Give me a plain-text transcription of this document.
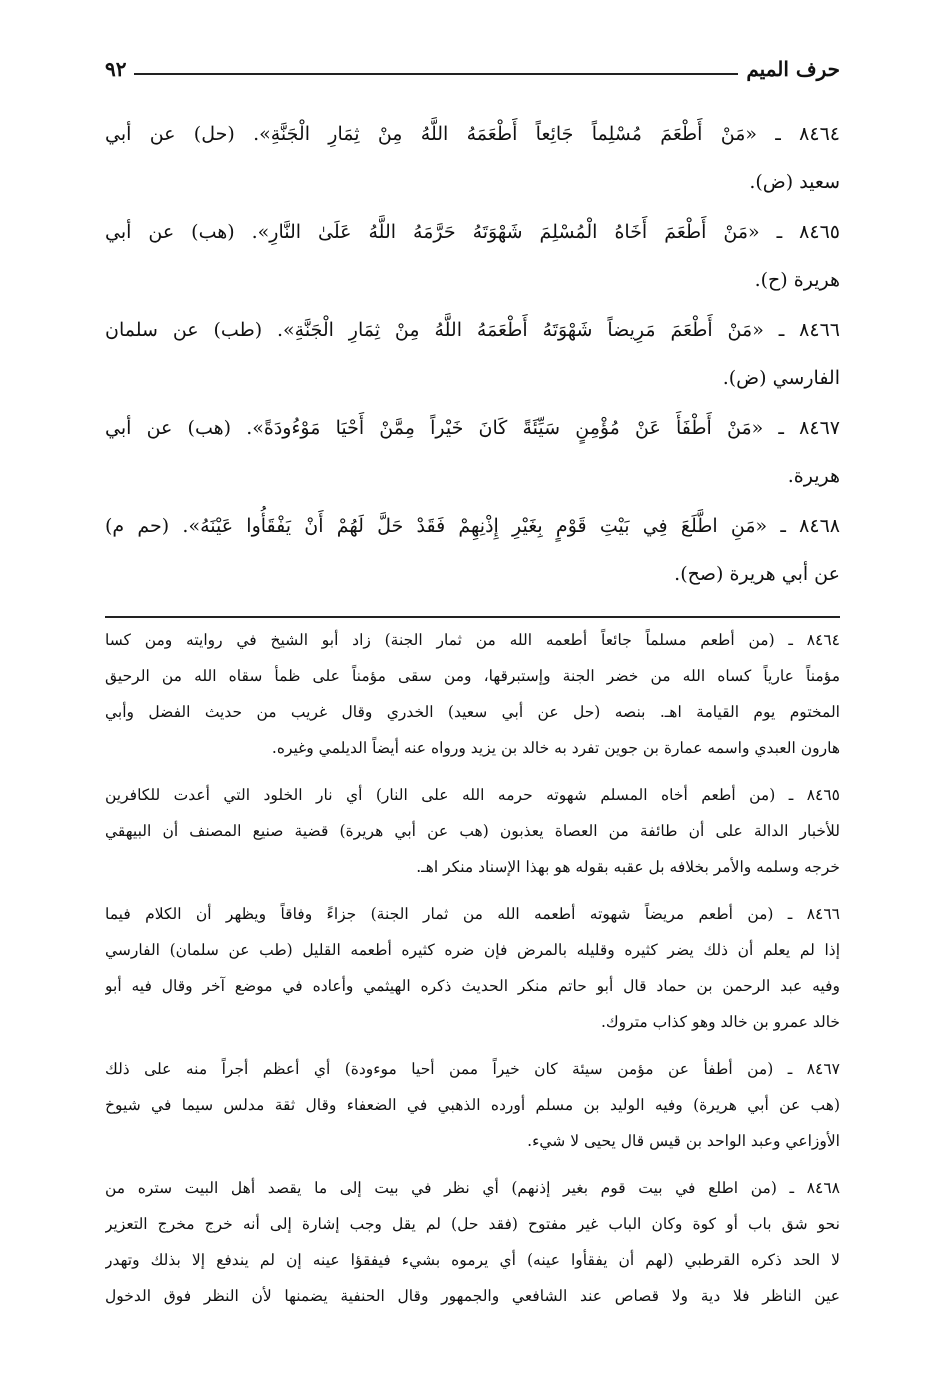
حرف الميم
٩٢
٨٤٦٤ ـ «مَنْ أَطْعَمَ مُسْلِماً جَائِعاً أَطْعَمَهُ اللَّهُ مِنْ ثِمَارِ الْجَنَّةِ». (حل) عن أبي
سعيد (ض).
٨٤٦٥ ـ «مَنْ أَطْعَمَ أَخَاهُ الْمُسْلِمَ شَهْوَتَهُ حَرَّمَهُ اللَّهُ عَلَىٰ النَّارِ». (هب) عن أبي
هريرة (ح).
٨٤٦٦ ـ «مَنْ أَطْعَمَ مَرِيضاً شَهْوَتَهُ أَطْعَمَهُ اللَّهُ مِنْ ثِمَارِ الْجَنَّةِ». (طب) عن سلمان
الفارسي (ض).
٨٤٦٧ ـ «مَنْ أَطْفَأَ عَنْ مُؤْمِنٍ سَيِّئَةً كَانَ خَيْراً مِمَّنْ أَحْيَا مَوْءُودَةً». (هب) عن أبي
هريرة.
٨٤٦٨ ـ «مَنِ اطَّلَعَ فِي بَيْتِ قَوْمٍ بِغَيْرِ إِذْنِهِمْ فَقَدْ حَلَّ لَهُمْ أَنْ يَفْقَأُوا عَيْنَهُ». (حم م)
عن أبي هريرة (صح).
٨٤٦٤ ـ (من أطعم مسلماً جائعاً أطعمه الله من ثمار الجنة) زاد أبو الشيخ في روايته ومن كسا
مؤمناً عارياً كساه الله من خضر الجنة وإستبرقها، ومن سقى مؤمناً على ظمأ سقاه الله من الرحيق
المختوم يوم القيامة اهـ. بنصه (حل عن أبي سعيد) الخدري وقال غريب من حديث الفضل وأبي
هارون العبدي واسمه عمارة بن جوين تفرد به خالد بن يزيد ورواه عنه أيضاً الديلمي وغيره.
٨٤٦٥ ـ (من أطعم أخاه المسلم شهوته حرمه الله على النار) أي نار الخلود التي أعدت للكافرين
للأخبار الدالة على أن طائفة من العصاة يعذبون (هب عن أبي هريرة) قضية صنيع المصنف أن البيهقي
خرجه وسلمه والأمر بخلافه بل عقبه بقوله هو بهذا الإسناد منكر اهـ.
٨٤٦٦ ـ (من أطعم مريضاً شهوته أطعمه الله من ثمار الجنة) جزاءً وفاقاً ويظهر أن الكلام فيما
إذا لم يعلم أن ذلك يضر كثيره وقليله بالمرض فإن ضره كثيره أطعمه القليل (طب عن سلمان) الفارسي
وفيه عبد الرحمن بن حماد قال أبو حاتم منكر الحديث ذكره الهيثمي وأعاده في موضع آخر وقال فيه أبو
خالد عمرو بن خالد وهو كذاب متروك.
٨٤٦٧ ـ (من أطفأ عن مؤمن سيئة كان خيراً ممن أحيا موءودة) أي أعظم أجراً منه على ذلك
(هب عن أبي هريرة) وفيه الوليد بن مسلم أورده الذهبي في الضعفاء وقال ثقة مدلس سيما في شيوخ
الأوزاعي وعبد الواحد بن قيس قال يحيى لا شيء.
٨٤٦٨ ـ (من اطلع في بيت قوم بغير إذنهم) أي نظر في بيت إلى ما يقصد أهل البيت ستره من
نحو شق باب أو كوة وكان الباب غير مفتوح (فقد حل) لم يقل وجب إشارة إلى أنه خرج مخرج التعزير
لا الحد ذكره القرطبي (لهم أن يفقأوا عينه) أي يرموه بشيء فيفقؤا عينه إن لم يندفع إلا بذلك وتهدر
عين الناظر فلا دية ولا قصاص عند الشافعي والجمهور وقال الحنفية يضمنها لأن النظر فوق الدخول
